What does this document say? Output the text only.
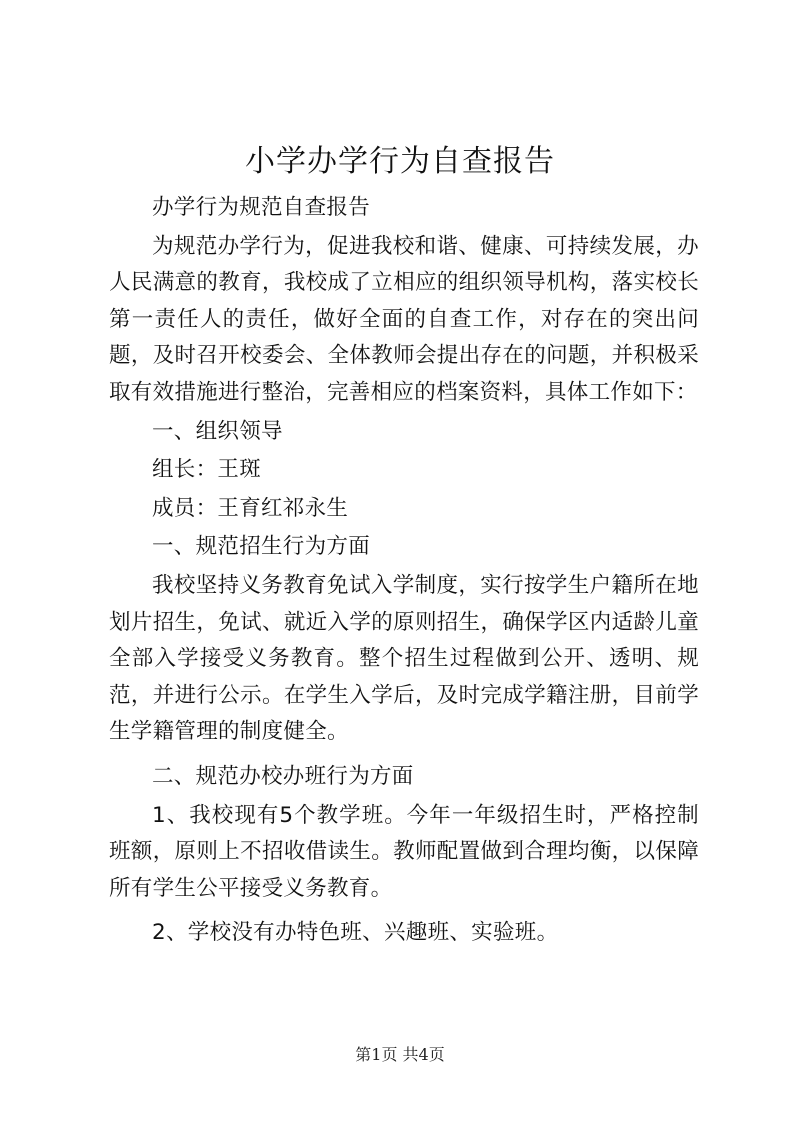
小学办学行为自查报告

办学行为规范自查报告

为规范办学行为，促进我校和谐、健康、可持续发展，办人民满意的教育，我校成了立相应的组织领导机构，落实校长第一责任人的责任，做好全面的自查工作，对存在的突出问题，及时召开校委会、全体教师会提出存在的问题，并积极采取有效措施进行整治，完善相应的档案资料，具体工作如下：

一、组织领导

组长：王斑

成员：王育红祁永生

一、规范招生行为方面

我校坚持义务教育免试入学制度，实行按学生户籍所在地划片招生，免试、就近入学的原则招生，确保学区内适龄儿童全部入学接受义务教育。整个招生过程做到公开、透明、规范，并进行公示。在学生入学后，及时完成学籍注册，目前学生学籍管理的制度健全。

二、规范办校办班行为方面

1、我校现有5个教学班。今年一年级招生时，严格控制班额，原则上不招收借读生。教师配置做到合理均衡，以保障所有学生公平接受义务教育。

2、学校没有办特色班、兴趣班、实验班。

第1页 共4页
